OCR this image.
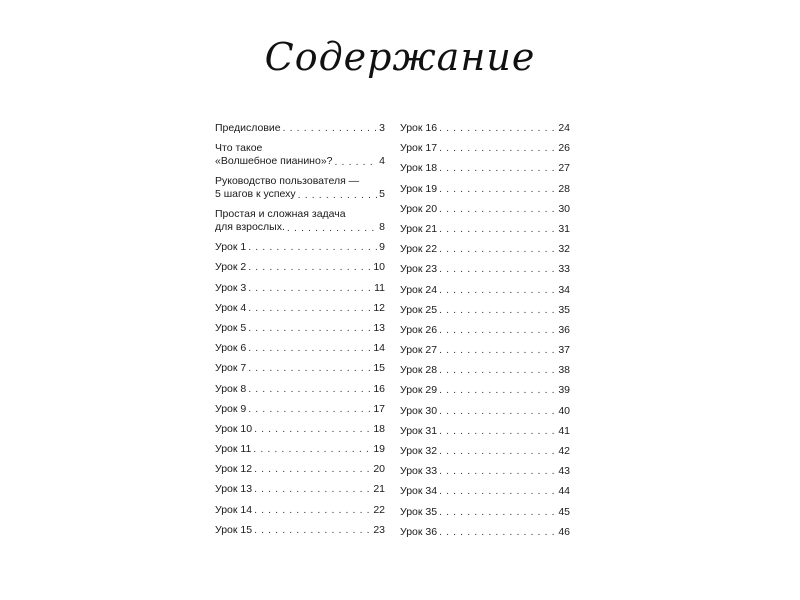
Содержание
Предисловие . . .	3
Что такое
«Волшебное пианино»? . . .	4
Руководство пользователя —
5 шагов к успеху . . .	5
Простая и сложная задача
для взрослых. . . .	8
Урок 1 . . .	9
Урок 2 . . .	10
Урок 3 . . .	11
Урок 4 . . .	12
Урок 5 . . .	13
Урок 6 . . .	14
Урок 7 . . .	15
Урок 8 . . .	16
Урок 9 . . .	17
Урок 10 . . .	18
Урок 11 . . .	19
Урок 12 . . .	20
Урок 13 . . .	21
Урок 14 . . .	22
Урок 15 . . .	23
Урок 16 . . .	24
Урок 17 . . .	26
Урок 18 . . .	27
Урок 19 . . .	28
Урок 20 . . .	30
Урок 21 . . .	31
Урок 22 . . .	32
Урок 23 . . .	33
Урок 24 . . .	34
Урок 25 . . .	35
Урок 26 . . .	36
Урок 27 . . .	37
Урок 28 . . .	38
Урок 29 . . .	39
Урок 30 . . .	40
Урок 31 . . .	41
Урок 32 . . .	42
Урок 33 . . .	43
Урок 34 . . .	44
Урок 35 . . .	45
Урок 36 . . .	46
